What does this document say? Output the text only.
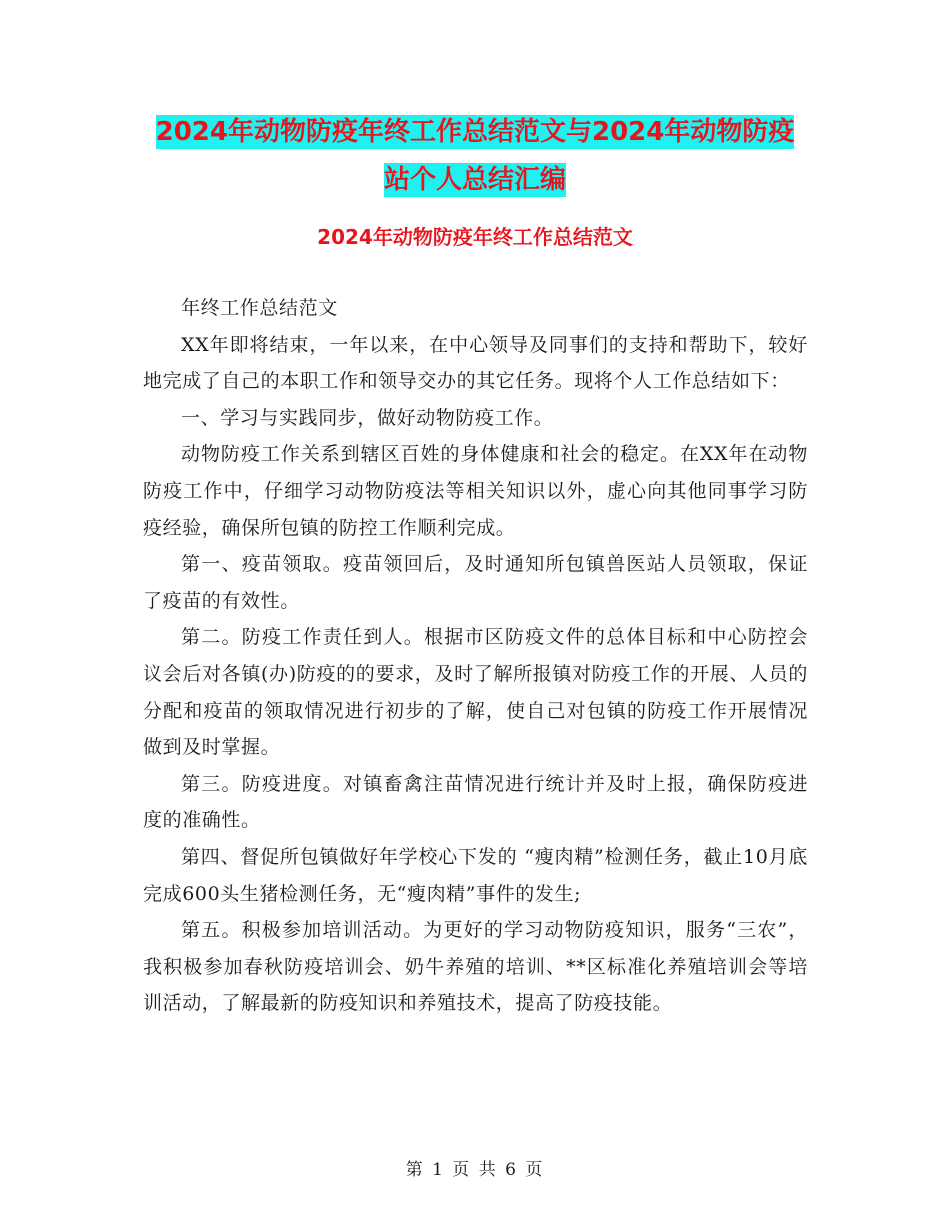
2024年动物防疫年终工作总结范文与2024年动物防疫
站个人总结汇编
2024年动物防疫年终工作总结范文

年终工作总结范文

XX年即将结束，一年以来，在中心领导及同事们的支持和帮助下，较好地完成了自己的本职工作和领导交办的其它任务。现将个人工作总结如下：

一、学习与实践同步，做好动物防疫工作。

动物防疫工作关系到辖区百姓的身体健康和社会的稳定。在XX年在动物防疫工作中，仔细学习动物防疫法等相关知识以外，虚心向其他同事学习防疫经验，确保所包镇的防控工作顺利完成。

第一、疫苗领取。疫苗领回后，及时通知所包镇兽医站人员领取，保证了疫苗的有效性。

第二。防疫工作责任到人。根据市区防疫文件的总体目标和中心防控会议会后对各镇(办)防疫的的要求，及时了解所报镇对防疫工作的开展、人员的分配和疫苗的领取情况进行初步的了解，使自己对包镇的防疫工作开展情况做到及时掌握。

第三。防疫进度。对镇畜禽注苗情况进行统计并及时上报，确保防疫进度的准确性。

第四、督促所包镇做好年学校心下发的 “瘦肉精”检测任务，截止10月底完成600头生猪检测任务，无“瘦肉精”事件的发生;

第五。积极参加培训活动。为更好的学习动物防疫知识，服务“三农”，我积极参加春秋防疫培训会、奶牛养殖的培训、**区标准化养殖培训会等培训活动，了解最新的防疫知识和养殖技术，提高了防疫技能。

第 1 页 共 6 页
